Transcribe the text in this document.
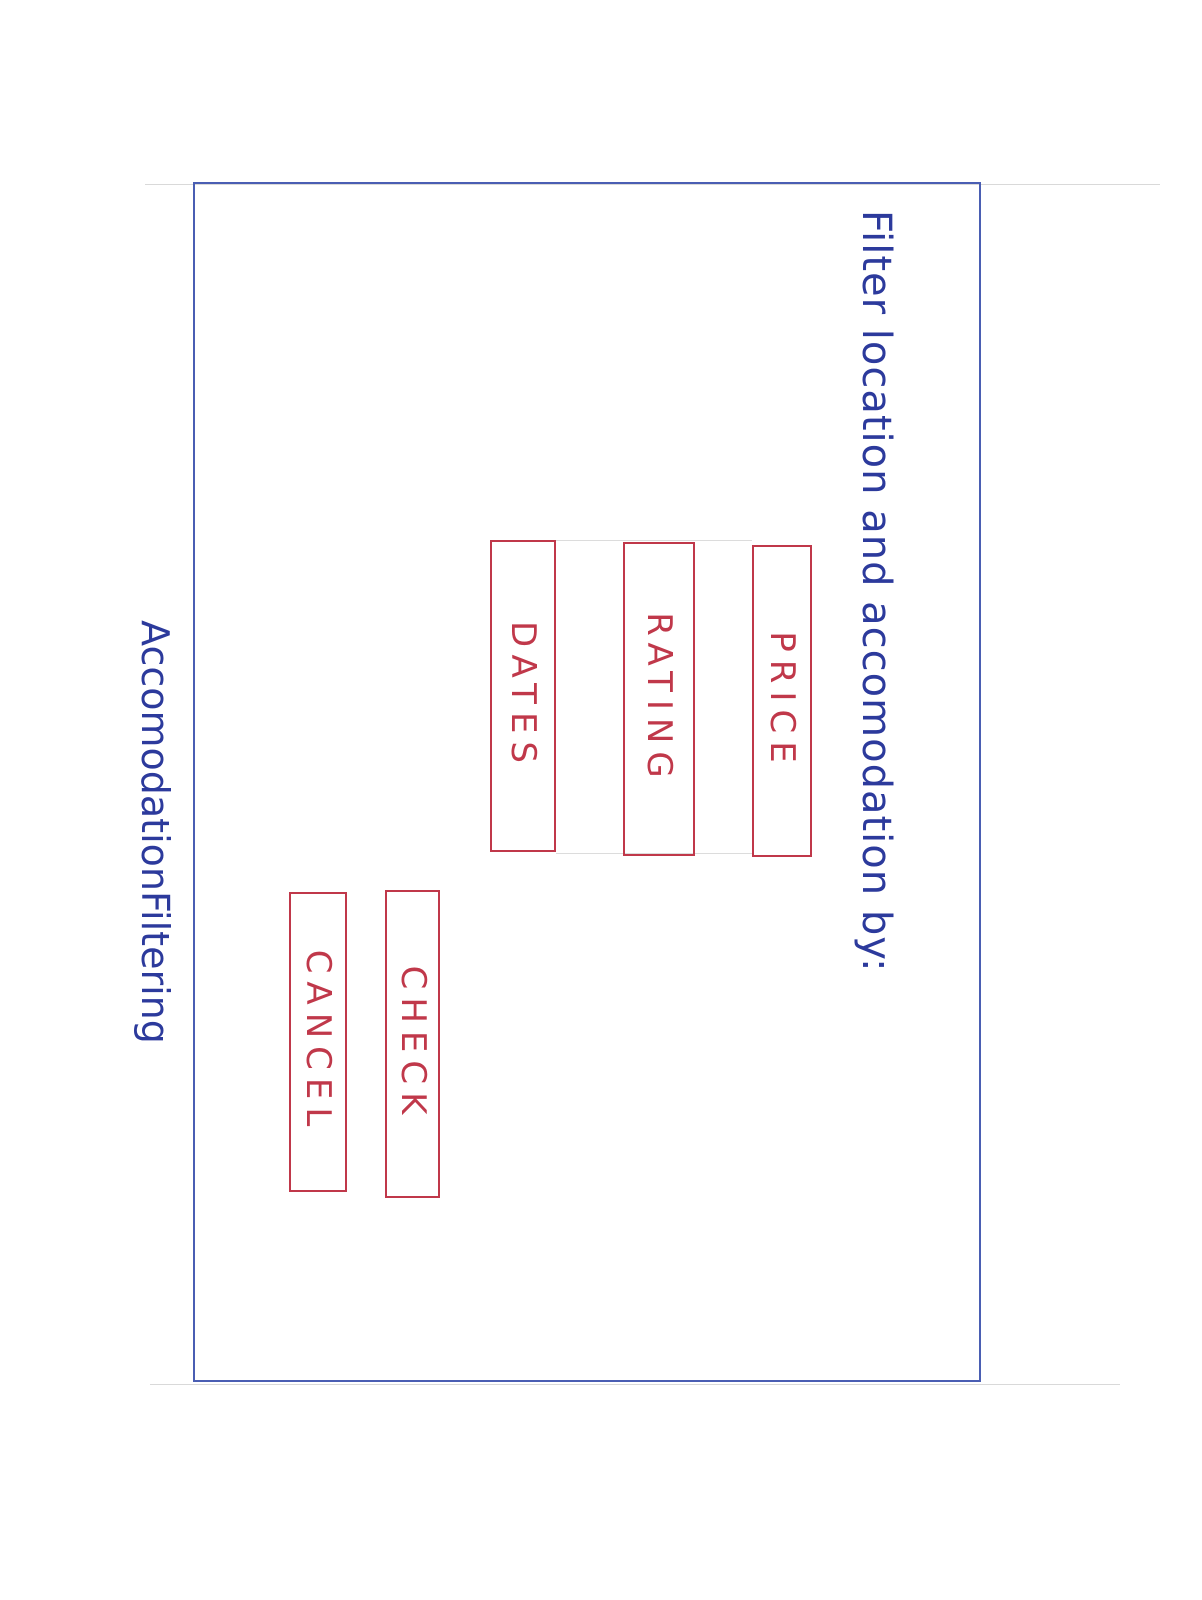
Filter location and accomodation by:
PRICE
RATING
DATES
CHECK
CANCEL
AccomodationFiltering
